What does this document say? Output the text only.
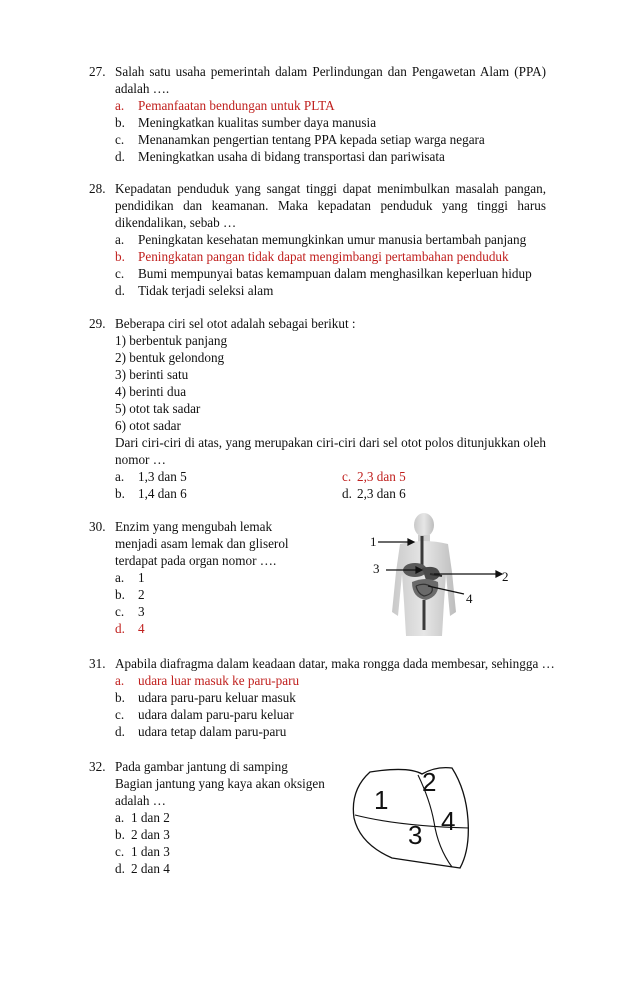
27. Salah satu usaha pemerintah dalam Perlindungan dan Pengawetan Alam (PPA)
adalah ….
a. Pemanfaatan bendungan untuk PLTA
b. Meningkatkan kualitas sumber daya manusia
c. Menanamkan pengertian tentang PPA kepada setiap warga negara
d. Meningkatkan usaha di bidang transportasi dan pariwisata
28. Kepadatan penduduk yang sangat tinggi dapat menimbulkan masalah pangan,
pendidikan dan keamanan. Maka kepadatan penduduk yang tinggi harus
dikendalikan, sebab …
a. Peningkatan kesehatan memungkinkan umur manusia bertambah panjang
b. Peningkatan pangan tidak dapat mengimbangi pertambahan penduduk
c. Bumi mempunyai batas kemampuan dalam menghasilkan keperluan hidup
d. Tidak terjadi seleksi alam
29. Beberapa ciri sel otot adalah sebagai berikut :
1) berbentuk panjang
2) bentuk gelondong
3) berinti satu
4) berinti dua
5) otot tak sadar
6) otot sadar
Dari ciri-ciri di atas, yang merupakan ciri-ciri dari sel otot polos ditunjukkan oleh
nomor …
a. 1,3 dan 5
b. 1,4 dan 6
c. 2,3 dan 5
d. 2,3 dan 6
30. Enzim yang mengubah lemak
menjadi asam lemak dan gliserol
terdapat pada organ nomor ….
a. 1
b. 2
c. 3
d. 4
1
2
3
4
31. Apabila diafragma dalam keadaan datar, maka rongga dada membesar, sehingga …
a. udara luar masuk ke paru-paru
b. udara paru-paru keluar masuk
c. udara dalam paru-paru keluar
d. udara tetap dalam paru-paru
32. Pada gambar jantung di samping
Bagian jantung yang kaya akan oksigen
adalah …
a. 1 dan 2
b. 2 dan 3
c. 1 dan 3
d. 2 dan 4
1
2
3 4
